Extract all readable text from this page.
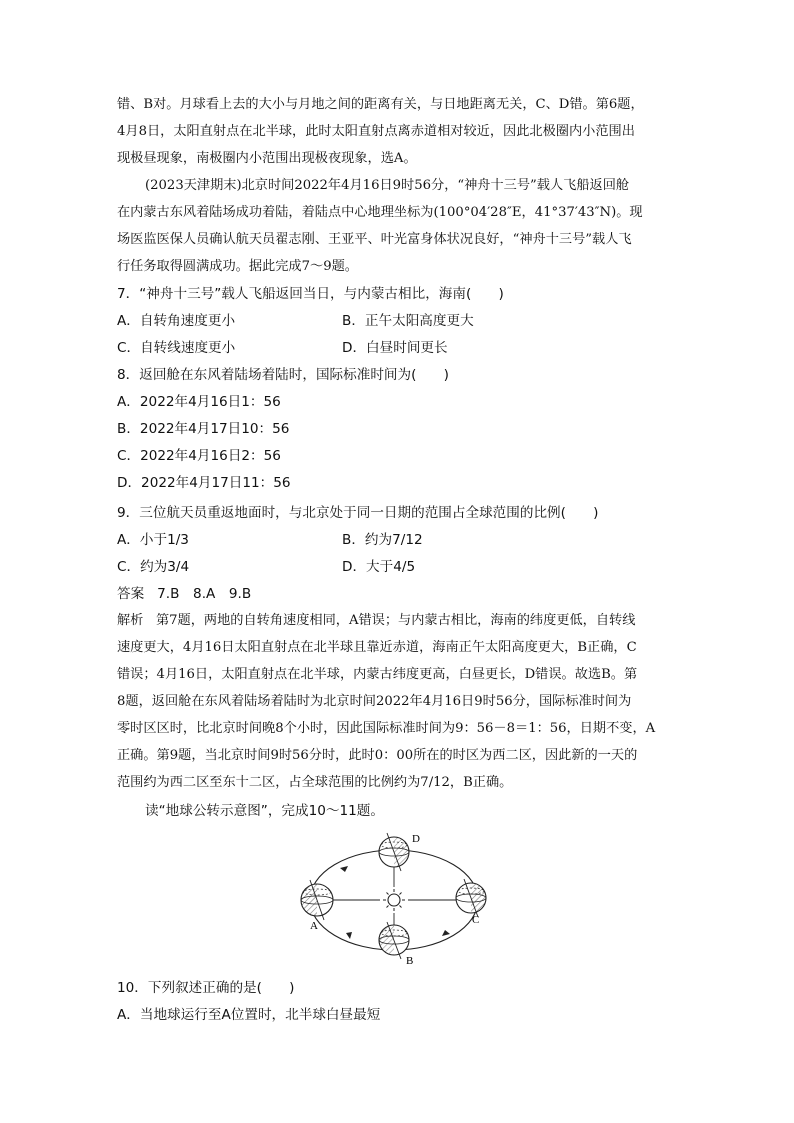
错、B对。月球看上去的大小与月地之间的距离有关，与日地距离无关，C、D错。第6题，
4月8日，太阳直射点在北半球，此时太阳直射点离赤道相对较近，因此北极圈内小范围出
现极昼现象，南极圈内小范围出现极夜现象，选A。
(2023天津期末)北京时间2022年4月16日9时56分，“神舟十三号”载人飞船返回舱
在内蒙古东风着陆场成功着陆，着陆点中心地理坐标为(100°04′28″E，41°37′43″N)。现
场医监医保人员确认航天员翟志刚、王亚平、叶光富身体状况良好，“神舟十三号”载人飞
行任务取得圆满成功。据此完成7～9题。
7．“神舟十三号”载人飞船返回当日，与内蒙古相比，海南(　　)
A．自转角速度更小	B．正午太阳高度更大
C．自转线速度更小	D．白昼时间更长
8．返回舱在东风着陆场着陆时，国际标准时间为(　　)
A．2022年4月16日1：56
B．2022年4月17日10：56
C．2022年4月16日2：56
D．2022年4月17日11：56
9．三位航天员重返地面时，与北京处于同一日期的范围占全球范围的比例(　　)
A．小于1/3	B．约为7/12
C．约为3/4	D．大于4/5
答案 7.B　8.A　9.B
解析 第7题，两地的自转角速度相同，A错误；与内蒙古相比，海南的纬度更低，自转线
速度更大，4月16日太阳直射点在北半球且靠近赤道，海南正午太阳高度更大，B正确，C
错误；4月16日，太阳直射点在北半球，内蒙古纬度更高，白昼更长，D错误。故选B。第
8题，返回舱在东风着陆场着陆时为北京时间2022年4月16日9时56分，国际标准时间为
零时区区时，比北京时间晚8个小时，因此国际标准时间为9：56－8＝1：56，日期不变，A
正确。第9题，当北京时间9时56分时，此时0：00所在的时区为西二区，因此新的一天的
范围约为西二区至东十二区，占全球范围的比例约为7/12，B正确。
读“地球公转示意图”，完成10～11题。
D
A	C
B
10．下列叙述正确的是(　　)
A．当地球运行至A位置时，北半球白昼最短
